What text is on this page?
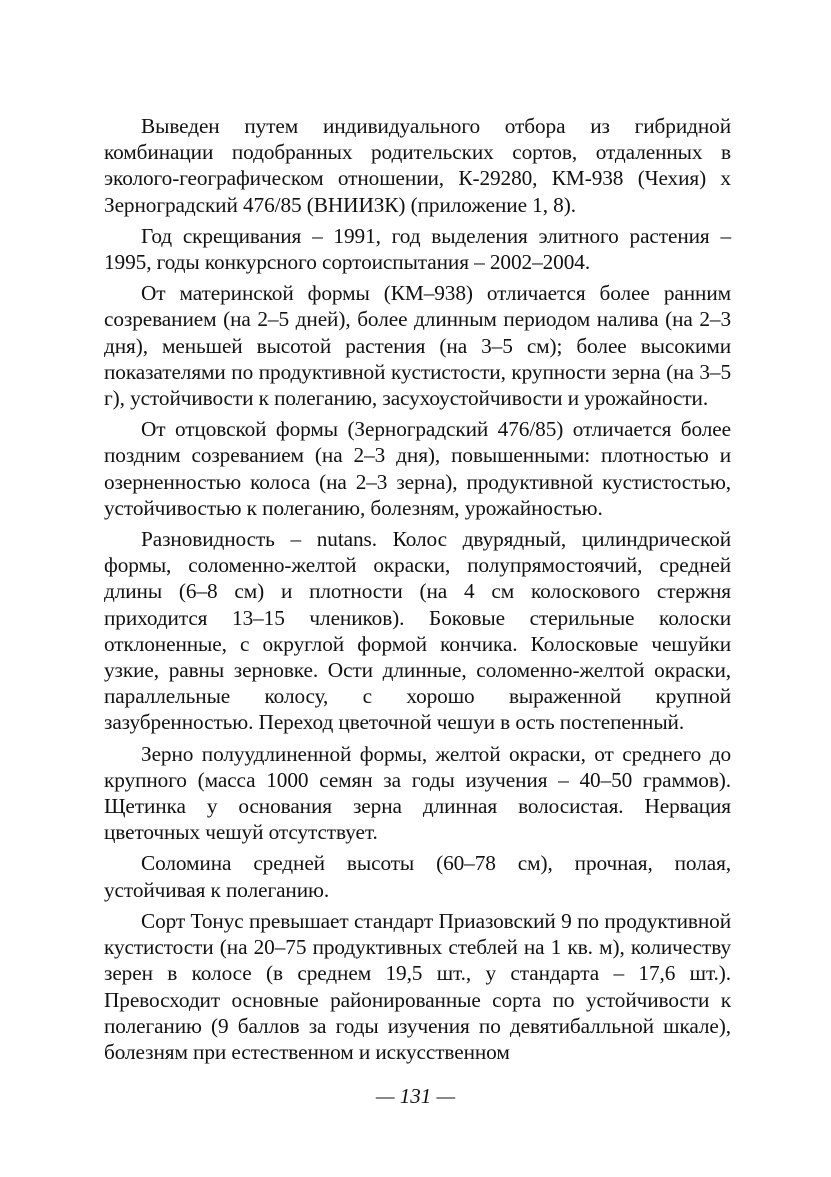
Выведен путем индивидуального отбора из гибридной комбинации подобранных родительских сортов, отдаленных в эколого-географическом отношении, К-29280, КМ-938 (Чехия) х Зерноградский 476/85 (ВНИИЗК) (приложение 1, 8).

Год скрещивания – 1991, год выделения элитного растения – 1995, годы конкурсного сортоиспытания – 2002–2004.

От материнской формы (КМ–938) отличается более ранним созреванием (на 2–5 дней), более длинным периодом налива (на 2–3 дня), меньшей высотой растения (на 3–5 см); более высокими показателями по продуктивной кустистости, крупности зерна (на 3–5 г), устойчивости к полеганию, засухоустойчивости и урожайности.

От отцовской формы (Зерноградский 476/85) отличается более поздним созреванием (на 2–3 дня), повышенными: плотностью и озерненностью колоса (на 2–3 зерна), продуктивной кустистостью, устойчивостью к полеганию, болезням, урожайностью.

Разновидность – nutans. Колос двурядный, цилиндрической формы, соломенно-желтой окраски, полупрямостоячий, средней длины (6–8 см) и плотности (на 4 см колоскового стержня приходится 13–15 члеников). Боковые стерильные колоски отклоненные, с округлой формой кончика. Колосковые чешуйки узкие, равны зерновке. Ости длинные, соломенно-желтой окраски, параллельные колосу, с хорошо выраженной крупной зазубренностью. Переход цветочной чешуи в ость постепенный.

Зерно полуудлиненной формы, желтой окраски, от среднего до крупного (масса 1000 семян за годы изучения – 40–50 граммов). Щетинка у основания зерна длинная волосистая. Нервация цветочных чешуй отсутствует.

Соломина средней высоты (60–78 см), прочная, полая, устойчивая к полеганию.

Сорт Тонус превышает стандарт Приазовский 9 по продуктивной кустистости (на 20–75 продуктивных стеблей на 1 кв. м), количеству зерен в колосе (в среднем 19,5 шт., у стандарта – 17,6 шт.). Превосходит основные районированные сорта по устойчивости к полеганию (9 баллов за годы изучения по девятибалльной шкале), болезням при естественном и искусственном

— 131 —
